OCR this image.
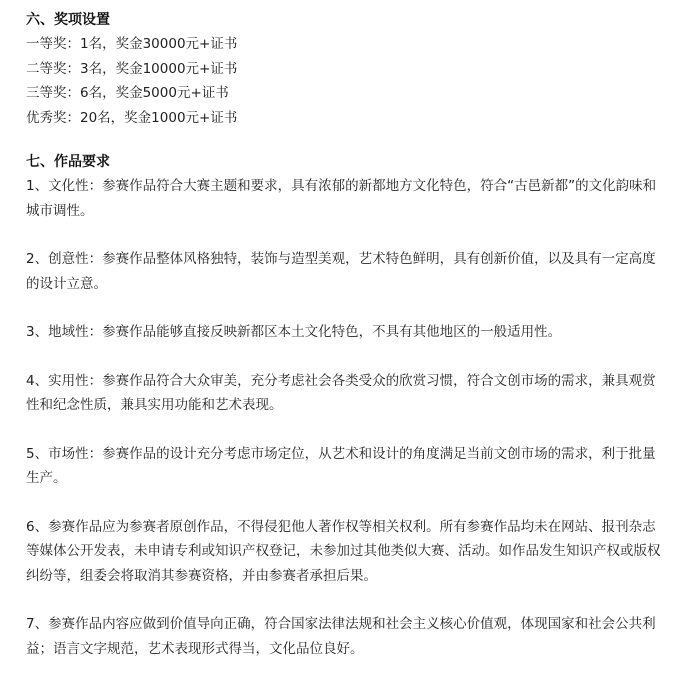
六、奖项设置
一等奖：1名，奖金30000元+证书
二等奖：3名，奖金10000元+证书
三等奖：6名，奖金5000元+证书
优秀奖：20名，奖金1000元+证书
七、作品要求
1、文化性：参赛作品符合大赛主题和要求，具有浓郁的新都地方文化特色，符合“古邑新都”的文化韵味和城市调性。
2、创意性：参赛作品整体风格独特，装饰与造型美观，艺术特色鲜明，具有创新价值，以及具有一定高度的设计立意。
3、地域性：参赛作品能够直接反映新都区本土文化特色，不具有其他地区的一般适用性。
4、实用性：参赛作品符合大众审美，充分考虑社会各类受众的欣赏习惯，符合文创市场的需求，兼具观赏性和纪念性质，兼具实用功能和艺术表现。
5、市场性：参赛作品的设计充分考虑市场定位，从艺术和设计的角度满足当前文创市场的需求，利于批量生产。
6、参赛作品应为参赛者原创作品，不得侵犯他人著作权等相关权利。所有参赛作品均未在网站、报刊杂志等媒体公开发表，未申请专利或知识产权登记，未参加过其他类似大赛、活动。如作品发生知识产权或版权纠纷等，组委会将取消其参赛资格，并由参赛者承担后果。
7、参赛作品内容应做到价值导向正确，符合国家法律法规和社会主义核心价值观，体现国家和社会公共利益；语言文字规范，艺术表现形式得当，文化品位良好。
